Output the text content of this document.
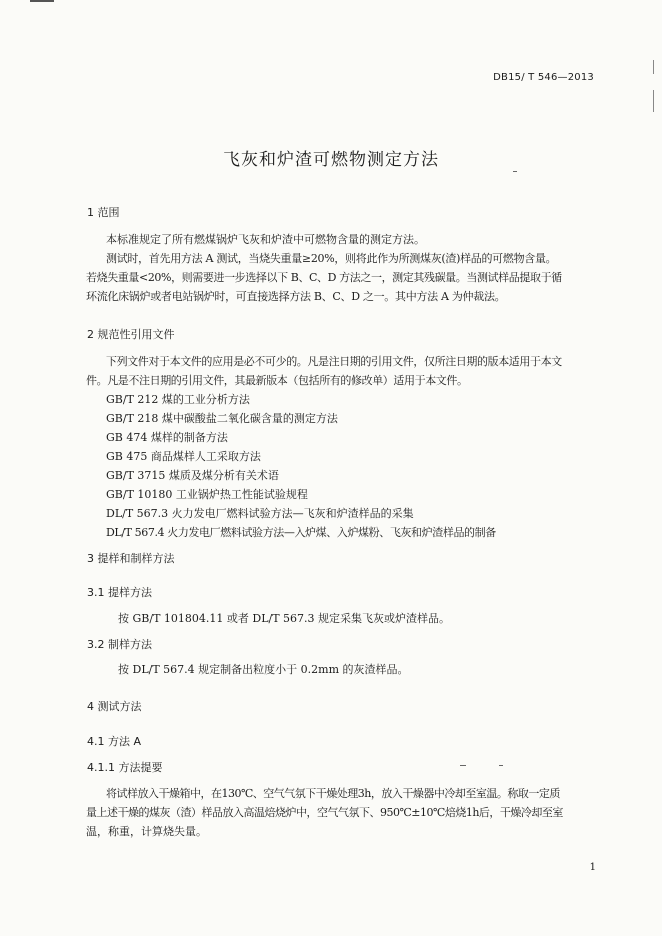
DB15/ T 546—2013
飞灰和炉渣可燃物测定方法
1 范围
本标准规定了所有燃煤锅炉飞灰和炉渣中可燃物含量的测定方法。
测试时，首先用方法 A 测试，当烧失重量≥20%，则将此作为所测煤灰(渣)样品的可燃物含量。
若烧失重量<20%，则需要进一步选择以下 B、C、D 方法之一，测定其残碳量。当测试样品提取于循
环流化床锅炉或者电站锅炉时，可直接选择方法 B、C、D 之一。其中方法 A 为仲裁法。
2 规范性引用文件
下列文件对于本文件的应用是必不可少的。凡是注日期的引用文件，仅所注日期的版本适用于本文
件。凡是不注日期的引用文件，其最新版本（包括所有的修改单）适用于本文件。
GB/T 212 煤的工业分析方法
GB/T 218 煤中碳酸盐二氧化碳含量的测定方法
GB 474 煤样的制备方法
GB 475 商品煤样人工采取方法
GB/T 3715 煤质及煤分析有关术语
GB/T 10180 工业锅炉热工性能试验规程
DL/T 567.3 火力发电厂燃料试验方法—飞灰和炉渣样品的采集
DL/T 567.4 火力发电厂燃料试验方法—入炉煤、入炉煤粉、飞灰和炉渣样品的制备
3 提样和制样方法
3.1 提样方法
按 GB/T 101804.11 或者 DL/T 567.3 规定采集飞灰或炉渣样品。
3.2 制样方法
按 DL/T 567.4 规定制备出粒度小于 0.2mm 的灰渣样品。
4 测试方法
4.1 方法 A
4.1.1 方法提要
将试样放入干燥箱中，在130℃、空气气氛下干燥处理3h，放入干燥器中冷却至室温。称取一定质
量上述干燥的煤灰（渣）样品放入高温焙烧炉中，空气气氛下、950℃±10℃焙烧1h后，干燥冷却至室
温，称重，计算烧失量。
1
